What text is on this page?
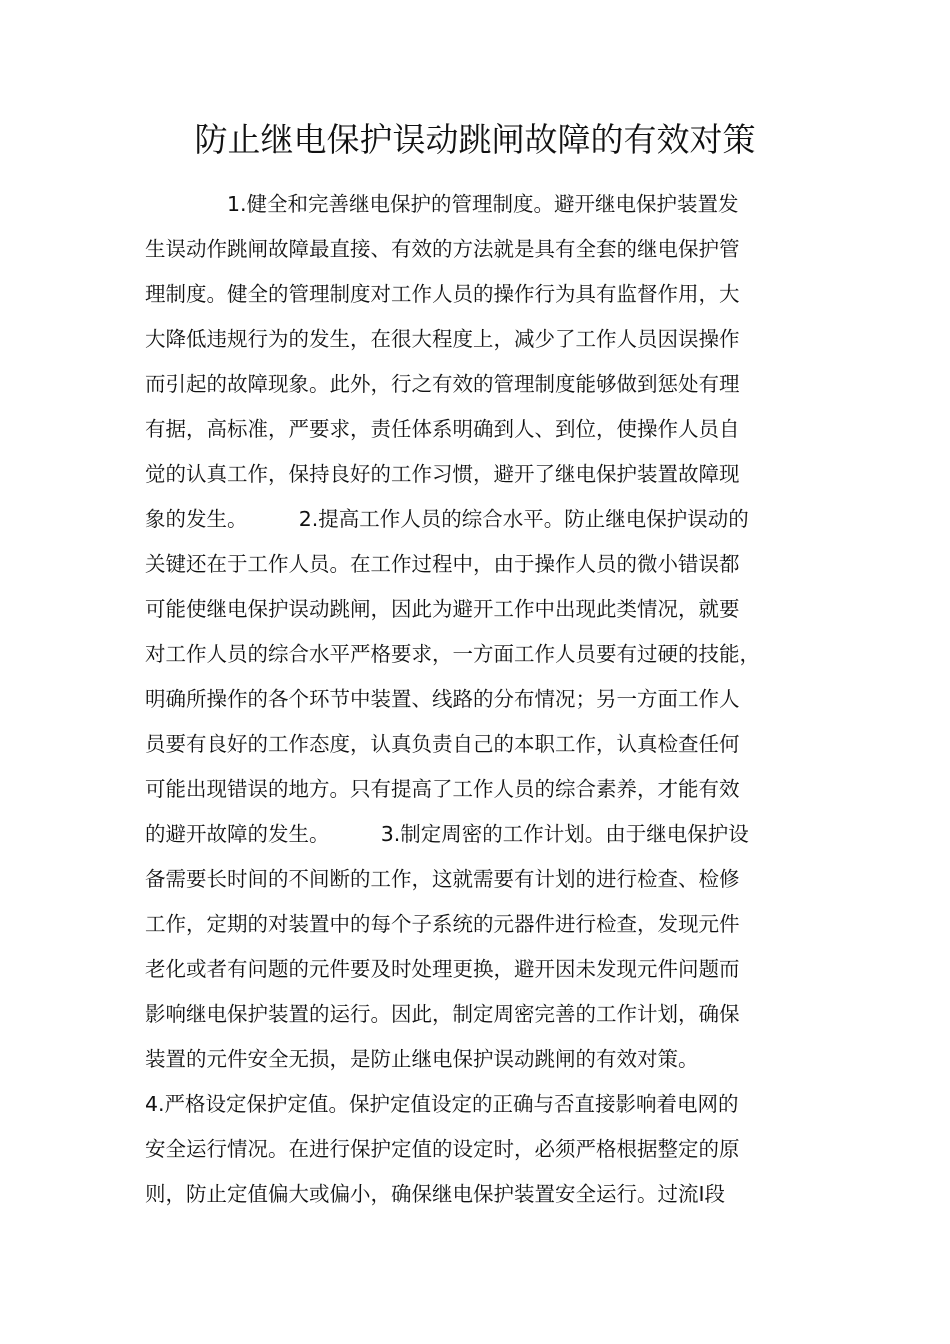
防止继电保护误动跳闸故障的有效对策
　　　　1.健全和完善继电保护的管理制度。避开继电保护装置发
生误动作跳闸故障最直接、有效的方法就是具有全套的继电保护管
理制度。健全的管理制度对工作人员的操作行为具有监督作用，大
大降低违规行为的发生，在很大程度上，减少了工作人员因误操作
而引起的故障现象。此外，行之有效的管理制度能够做到惩处有理
有据，高标准，严要求，责任体系明确到人、到位，使操作人员自
觉的认真工作，保持良好的工作习惯，避开了继电保护装置故障现
象的发生。　　　2.提高工作人员的综合水平。防止继电保护误动的
关键还在于工作人员。在工作过程中，由于操作人员的微小错误都
可能使继电保护误动跳闸，因此为避开工作中出现此类情况，就要
对工作人员的综合水平严格要求，一方面工作人员要有过硬的技能，
明确所操作的各个环节中装置、线路的分布情况；另一方面工作人
员要有良好的工作态度，认真负责自己的本职工作，认真检查任何
可能出现错误的地方。只有提高了工作人员的综合素养，才能有效
的避开故障的发生。　　　3.制定周密的工作计划。由于继电保护设
备需要长时间的不间断的工作，这就需要有计划的进行检查、检修
工作，定期的对装置中的每个子系统的元器件进行检查，发现元件
老化或者有问题的元件要及时处理更换，避开因未发现元件问题而
影响继电保护装置的运行。因此，制定周密完善的工作计划，确保
装置的元件安全无损，是防止继电保护误动跳闸的有效对策。
4.严格设定保护定值。保护定值设定的正确与否直接影响着电网的
安全运行情况。在进行保护定值的设定时，必须严格根据整定的原
则，防止定值偏大或偏小，确保继电保护装置安全运行。过流Ⅰ段
